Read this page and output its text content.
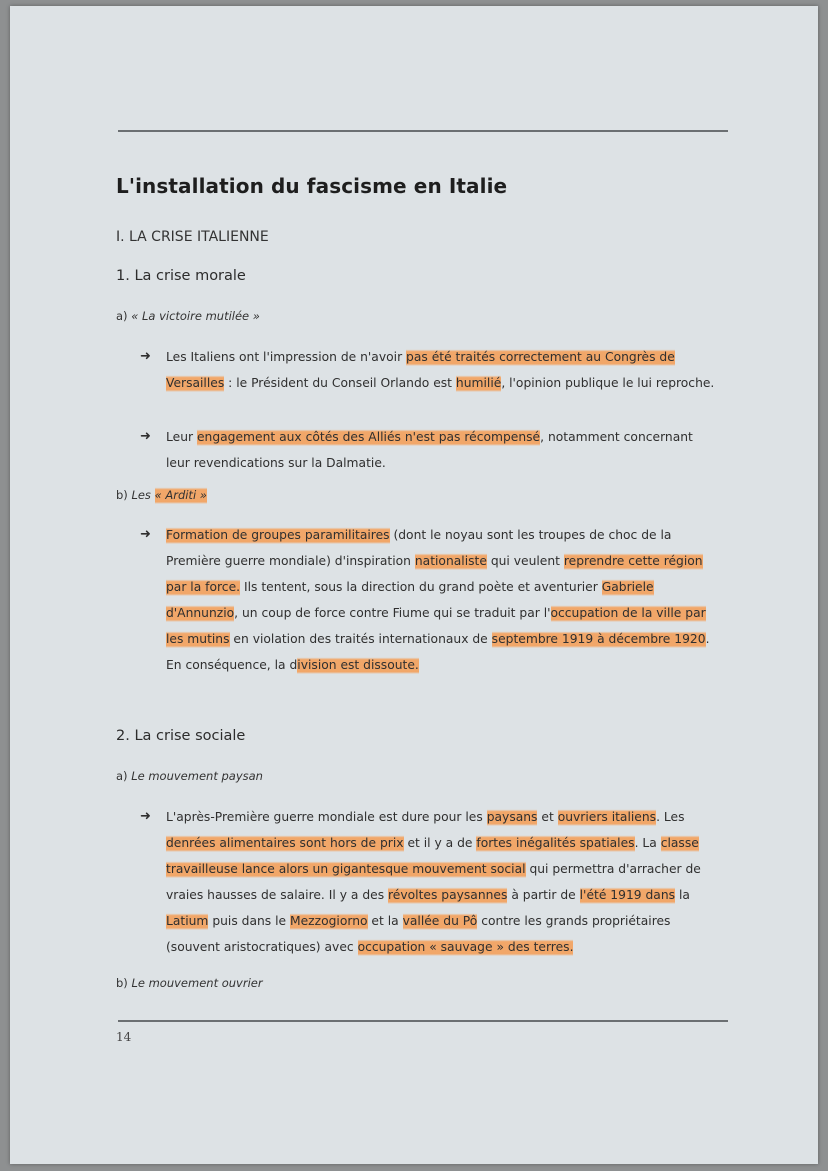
L'installation du fascisme en Italie
I. LA CRISE ITALIENNE
1. La crise morale
a) « La victoire mutilée »
➜ Les Italiens ont l'impression de n'avoir pas été traités correctement au Congrès de Versailles : le Président du Conseil Orlando est humilié, l'opinion publique le lui reproche.
➜ Leur engagement aux côtés des Alliés n'est pas récompensé, notamment concernant leur revendications sur la Dalmatie.
b) Les « Arditi »
➜ Formation de groupes paramilitaires (dont le noyau sont les troupes de choc de la Première guerre mondiale) d'inspiration nationaliste qui veulent reprendre cette région par la force. Ils tentent, sous la direction du grand poète et aventurier Gabriele d'Annunzio, un coup de force contre Fiume qui se traduit par l'occupation de la ville par les mutins en violation des traités internationaux de septembre 1919 à décembre 1920. En conséquence, la division est dissoute.
2. La crise sociale
a) Le mouvement paysan
➜ L'après-Première guerre mondiale est dure pour les paysans et ouvriers italiens. Les denrées alimentaires sont hors de prix et il y a de fortes inégalités spatiales. La classe travailleuse lance alors un gigantesque mouvement social qui permettra d'arracher de vraies hausses de salaire. Il y a des révoltes paysannes à partir de l'été 1919 dans la Latium puis dans le Mezzogiorno et la vallée du Pô contre les grands propriétaires (souvent aristocratiques) avec occupation « sauvage » des terres.
b) Le mouvement ouvrier
14
